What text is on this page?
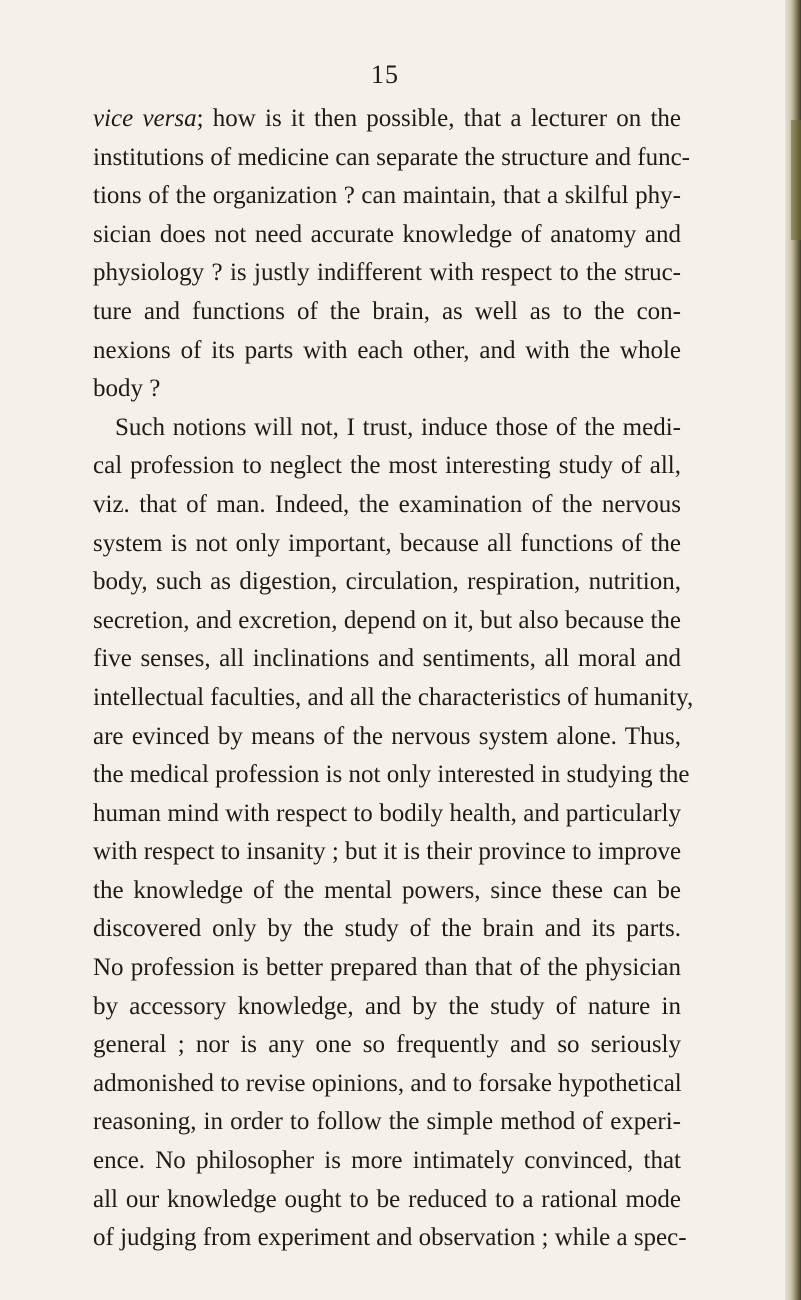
15
vice versa; how is it then possible, that a lecturer on the
institutions of medicine can separate the structure and func-
tions of the organization ? can maintain, that a skilful phy-
sician does not need accurate knowledge of anatomy and
physiology ? is justly indifferent with respect to the struc-
ture and functions of the brain, as well as to the con-
nexions of its parts with each other, and with the whole
body ?
Such notions will not, I trust, induce those of the medi-
cal profession to neglect the most interesting study of all,
viz. that of man. Indeed, the examination of the nervous
system is not only important, because all functions of the
body, such as digestion, circulation, respiration, nutrition,
secretion, and excretion, depend on it, but also because the
five senses, all inclinations and sentiments, all moral and
intellectual faculties, and all the characteristics of humanity,
are evinced by means of the nervous system alone. Thus,
the medical profession is not only interested in studying the
human mind with respect to bodily health, and particularly
with respect to insanity ; but it is their province to improve
the knowledge of the mental powers, since these can be
discovered only by the study of the brain and its parts.
No profession is better prepared than that of the physician
by accessory knowledge, and by the study of nature in
general ; nor is any one so frequently and so seriously
admonished to revise opinions, and to forsake hypothetical
reasoning, in order to follow the simple method of experi-
ence. No philosopher is more intimately convinced, that
all our knowledge ought to be reduced to a rational mode
of judging from experiment and observation ; while a spec-
